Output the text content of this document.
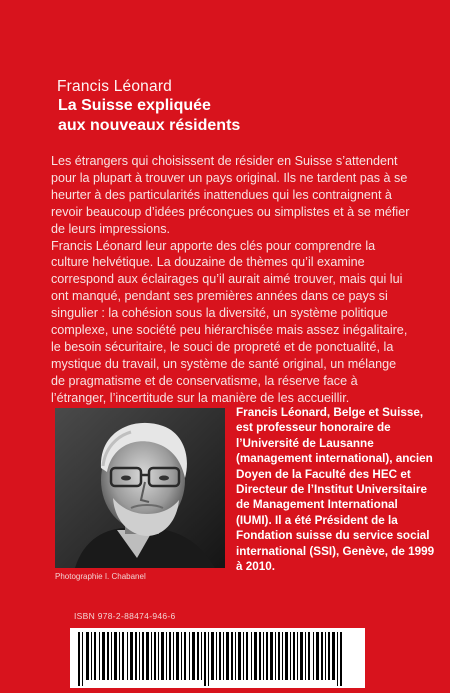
Francis Léonard
La Suisse expliquée
aux nouveaux résidents

Les étrangers qui choisissent de résider en Suisse s’attendent pour la plupart à trouver un pays original. Ils ne tardent pas à se heurter à des particularités inattendues qui les contraignent à revoir beaucoup d’idées préconçues ou simplistes et à se méfier de leurs impressions.

Francis Léonard leur apporte des clés pour comprendre la culture helvétique. La douzaine de thèmes qu’il examine correspond aux éclairages qu’il aurait aimé trouver, mais qui lui ont manqué, pendant ses premières années dans ce pays si singulier : la cohésion sous la diversité, un système politique complexe, une société peu hiérarchisée mais assez inégalitaire, le besoin sécuritaire, le souci de propreté et de ponctualité, la mystique du travail, un système de santé original, un mélange de pragmatisme et de conservatisme, la réserve face à l’étranger, l’incertitude sur la manière de les accueillir.

Photographie I. Chabanel
Francis Léonard, Belge et Suisse, est professeur honoraire de l’Université de Lausanne (management international), ancien Doyen de la Faculté des HEC et Directeur de l’Institut Universitaire de Management International (IUMI). Il a été Président de la Fondation suisse du service social international (SSI), Genève, de 1999 à 2010.
ISBN 978-2-88474-946-6
